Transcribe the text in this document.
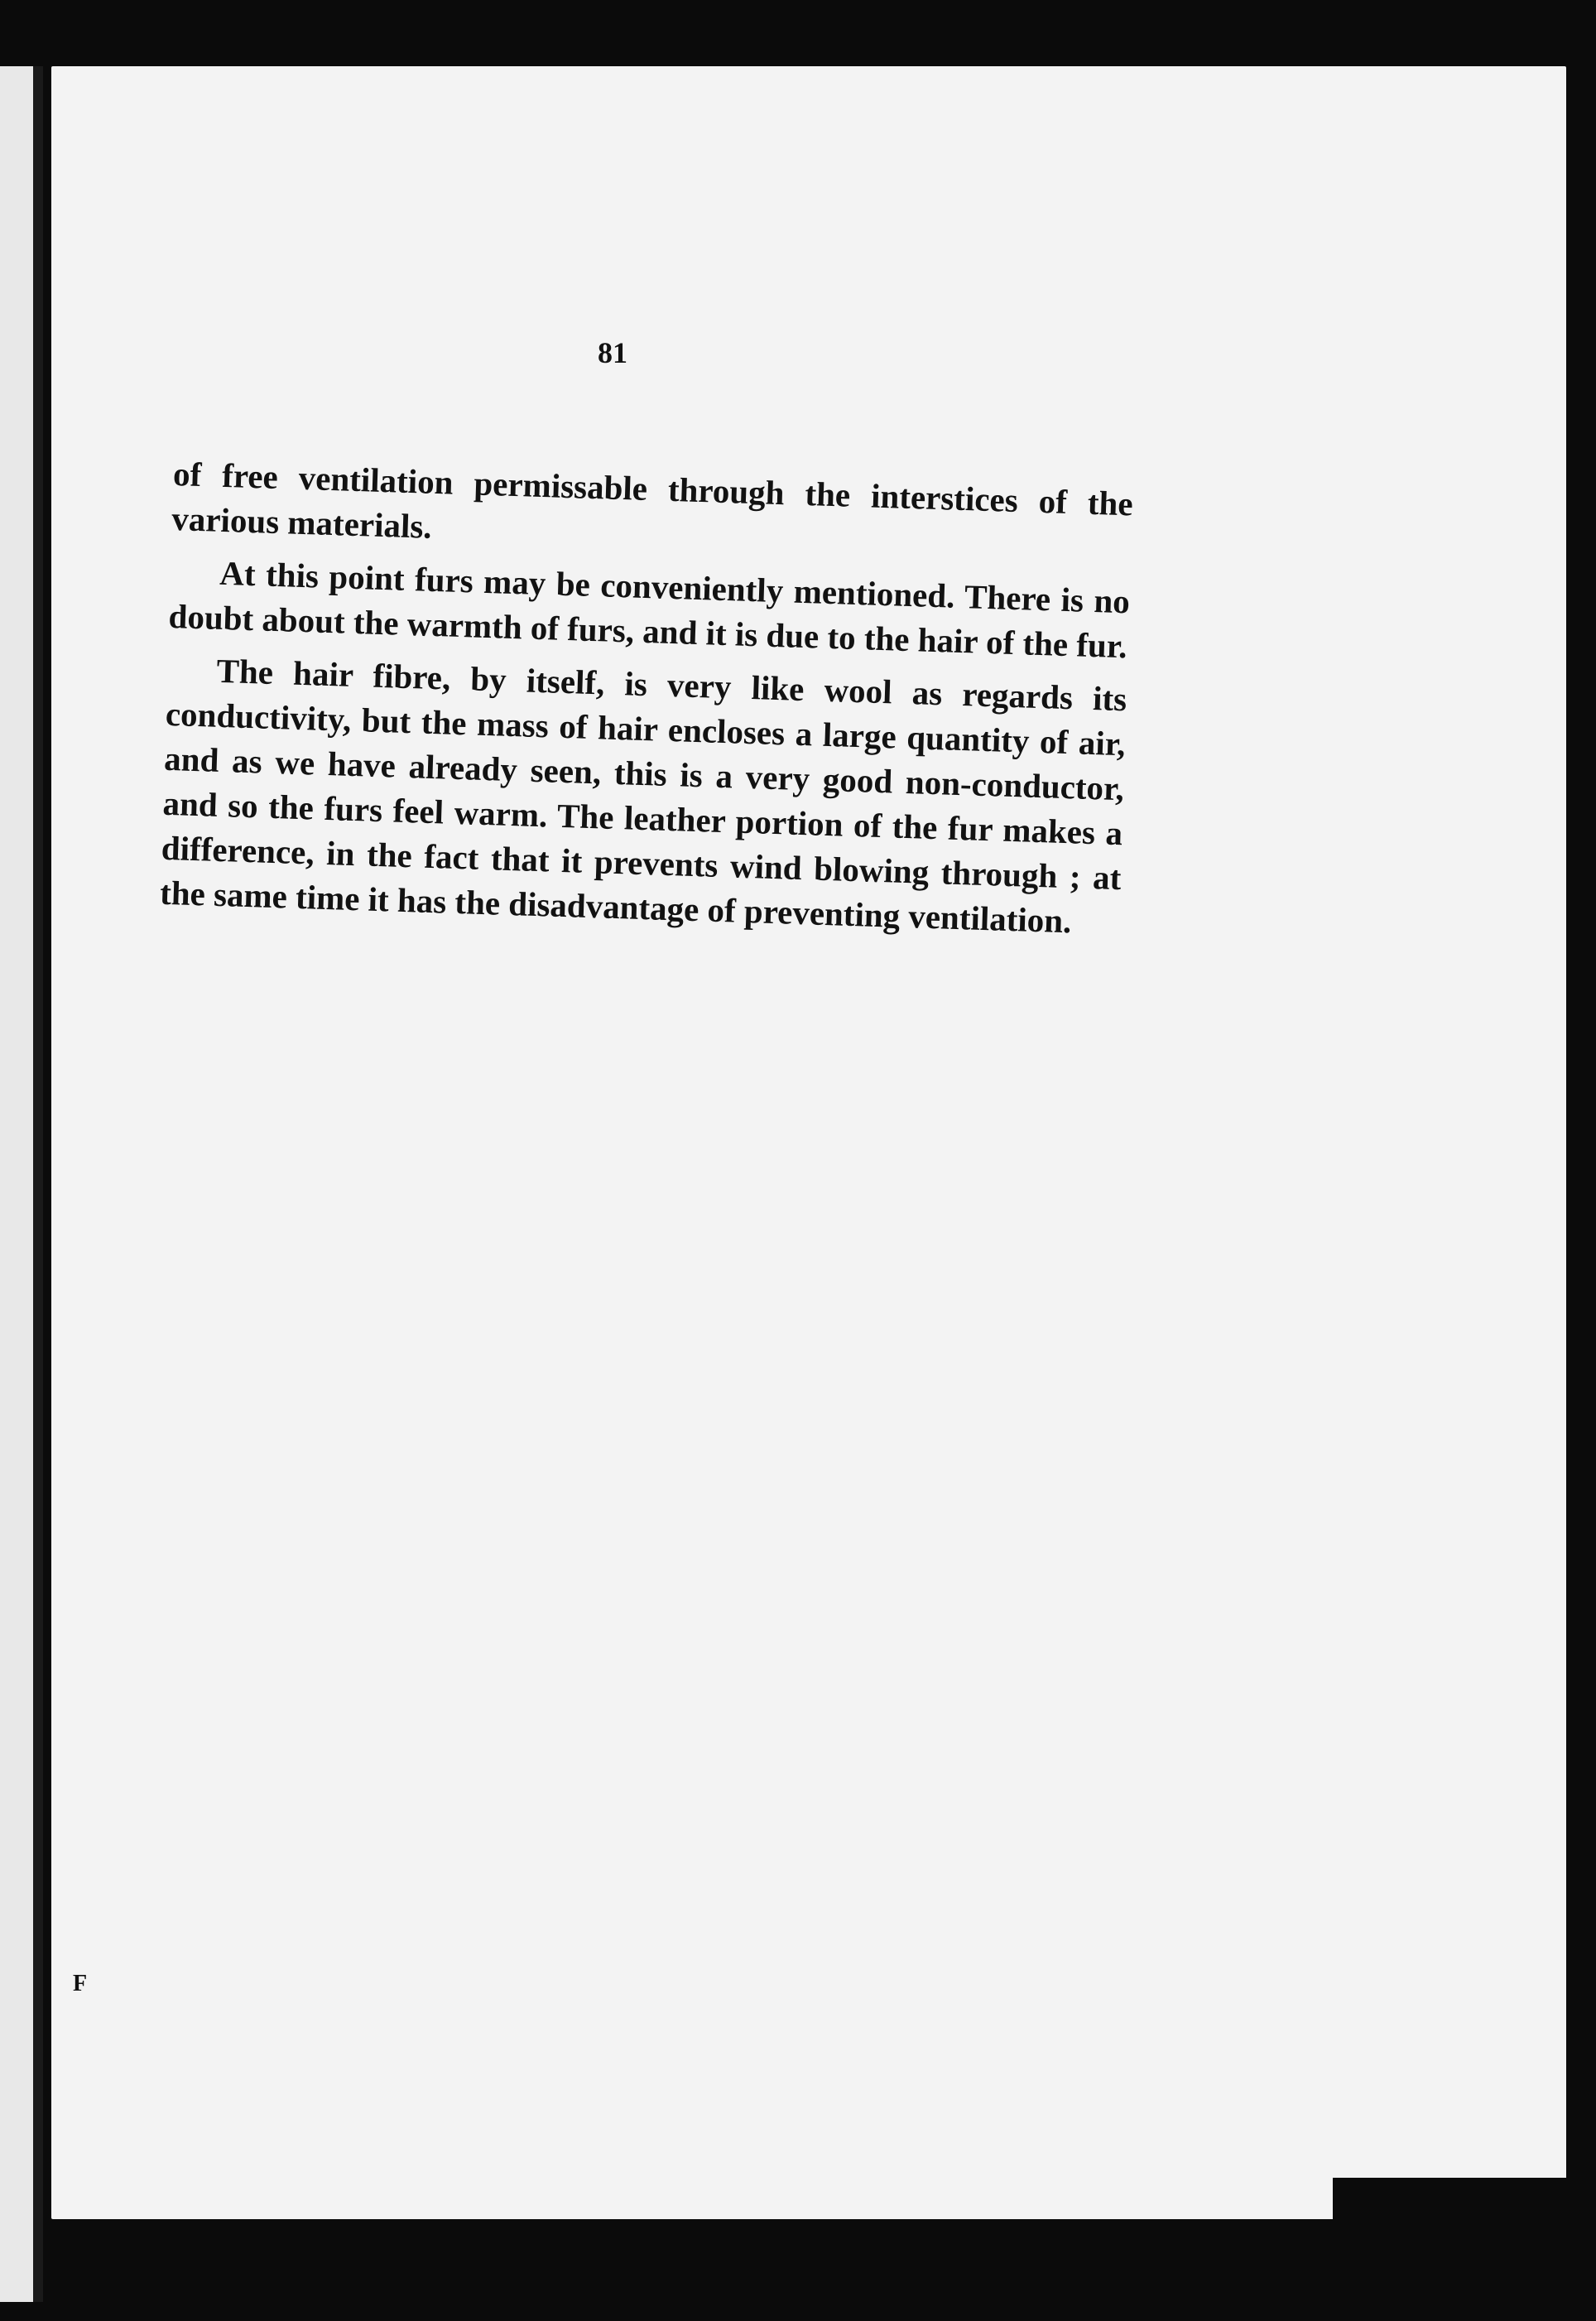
81

of free ventilation permissable through the interstices of the various materials.

At this point furs may be conveniently mentioned. There is no doubt about the warmth of furs, and it is due to the hair of the fur.

The hair fibre, by itself, is very like wool as regards its conductivity, but the mass of hair encloses a large quantity of air, and as we have already seen, this is a very good non-conductor, and so the furs feel warm. The leather portion of the fur makes a difference, in the fact that it prevents wind blowing through ; at the same time it has the disadvantage of preventing ventilation.

F
